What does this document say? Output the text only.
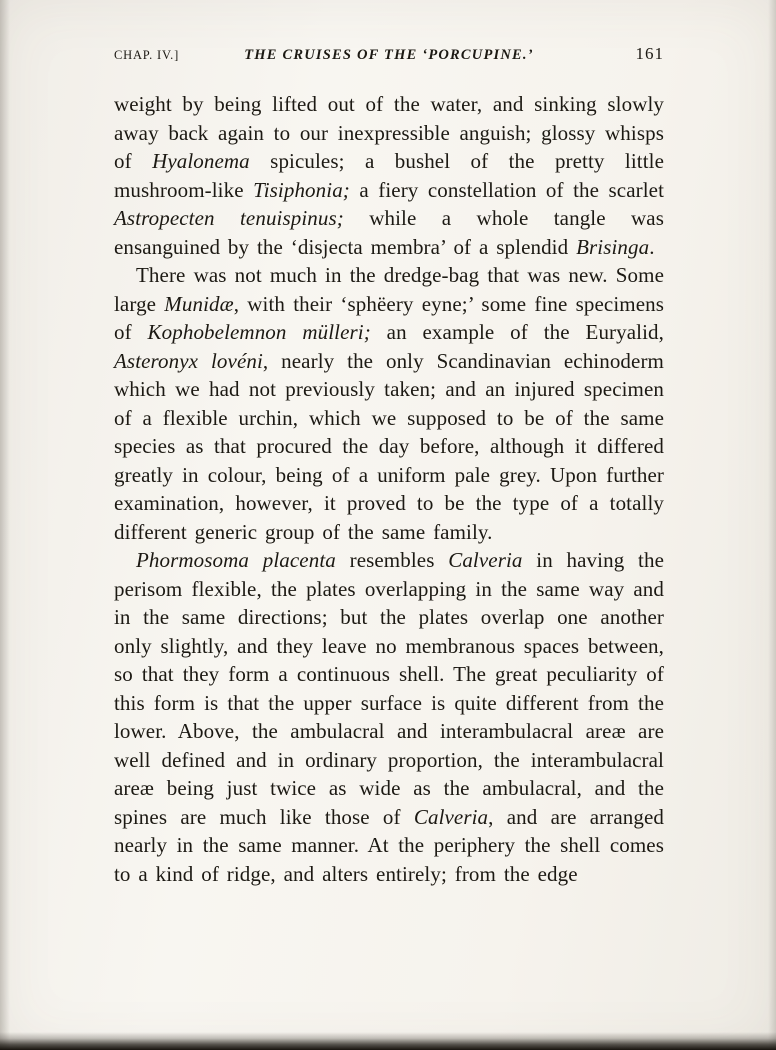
CHAP. IV.]	THE CRUISES OF THE ‘PORCUPINE.’	161

weight by being lifted out of the water, and sinking slowly away back again to our inexpressible anguish; glossy whisps of Hyalonema spicules; a bushel of the pretty little mushroom-like Tisiphonia; a fiery constellation of the scarlet Astropecten tenuispinus; while a whole tangle was ensanguined by the ‘disjecta membra’ of a splendid Brisinga.

There was not much in the dredge-bag that was new. Some large Munidæ, with their ‘sphëery eyne;’ some fine specimens of Kophobelemnon mülleri; an example of the Euryalid, Asteronyx lovéni, nearly the only Scandinavian echinoderm which we had not previously taken; and an injured specimen of a flexible urchin, which we supposed to be of the same species as that procured the day before, although it differed greatly in colour, being of a uniform pale grey. Upon further examination, however, it proved to be the type of a totally different generic group of the same family.

Phormosoma placenta resembles Calveria in having the perisom flexible, the plates overlapping in the same way and in the same directions; but the plates overlap one another only slightly, and they leave no membranous spaces between, so that they form a continuous shell. The great peculiarity of this form is that the upper surface is quite different from the lower. Above, the ambulacral and interambulacral areæ are well defined and in ordinary proportion, the interambulacral areæ being just twice as wide as the ambulacral, and the spines are much like those of Calveria, and are arranged nearly in the same manner. At the periphery the shell comes to a kind of ridge, and alters entirely; from the edge
